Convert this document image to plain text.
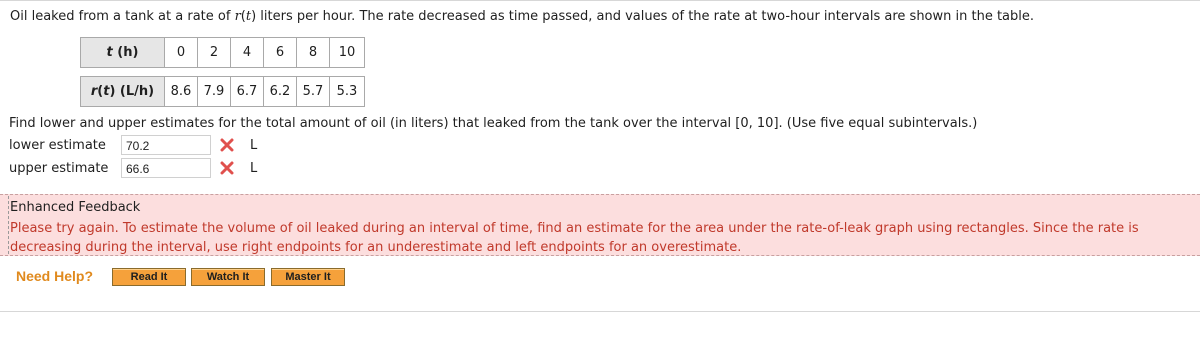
Oil leaked from a tank at a rate of r(t) liters per hour. The rate decreased as time passed, and values of the rate at two-hour intervals are shown in the table.
t (h)	0	2	4	6	8	10

r(t) (L/h)	8.6	7.9	6.7	6.2	5.7	5.3
Find lower and upper estimates for the total amount of oil (in liters) that leaked from the tank over the interval [0, 10]. (Use five equal subintervals.)
lower estimate	70.2	L
upper estimate	66.6	L
Enhanced Feedback
Please try again. To estimate the volume of oil leaked during an interval of time, find an estimate for the area under the rate-of-leak graph using rectangles. Since the rate is decreasing during the interval, use right endpoints for an underestimate and left endpoints for an overestimate.
Need Help?	Read It	Watch It	Master It
